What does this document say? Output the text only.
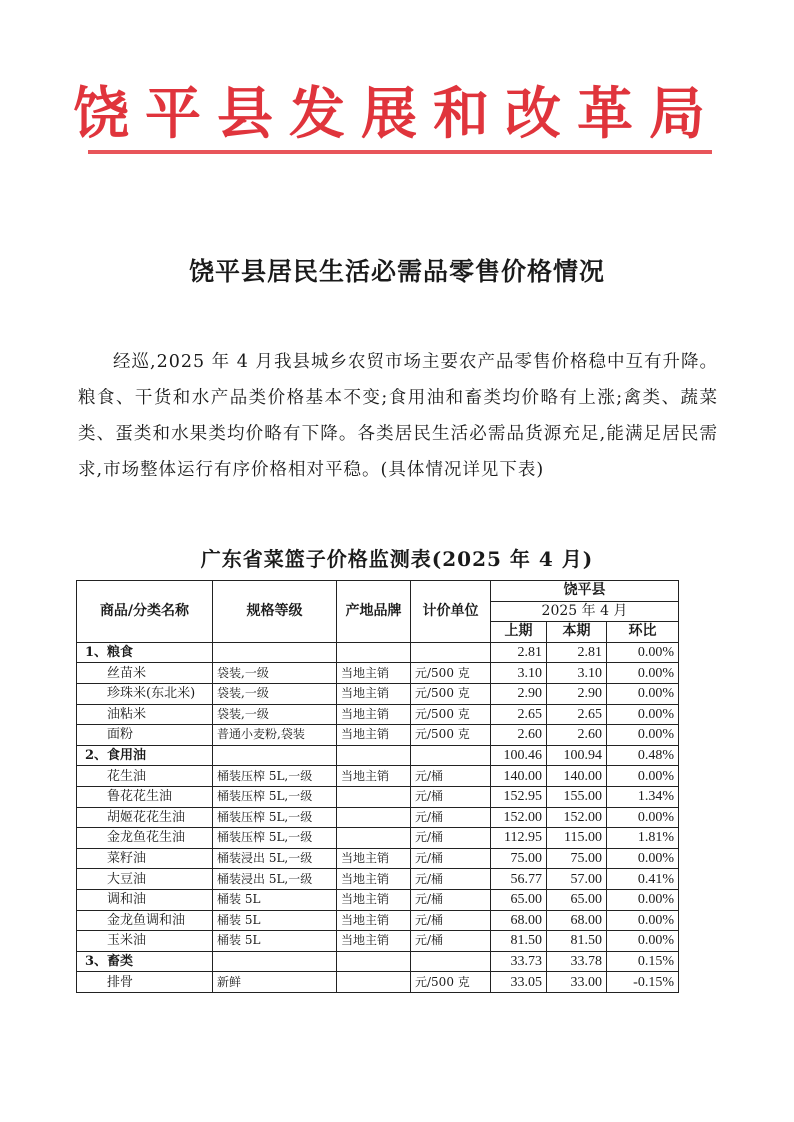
饶平县发展和改革局
饶平县居民生活必需品零售价格情况
经巡,2025 年 4 月我县城乡农贸市场主要农产品零售价格稳中互有升降。粮食、干货和水产品类价格基本不变;食用油和畜类均价略有上涨;禽类、蔬菜类、蛋类和水果类均价略有下降。各类居民生活必需品货源充足,能满足居民需求,市场整体运行有序价格相对平稳。(具体情况详见下表)
广东省菜篮子价格监测表(2025 年 4 月)
商品/分类名称	规格等级	产地品牌	计价单位	饶平县		
				2025 年 4 月		
				上期	本期	环比
1、粮食				2.81	2.81	0.00%
丝苗米	袋装,一级	当地主销	元/500 克	3.10	3.10	0.00%
珍珠米(东北米)	袋装,一级	当地主销	元/500 克	2.90	2.90	0.00%
油粘米	袋装,一级	当地主销	元/500 克	2.65	2.65	0.00%
面粉	普通小麦粉,袋装	当地主销	元/500 克	2.60	2.60	0.00%
2、食用油				100.46	100.94	0.48%
花生油	桶装压榨 5L,一级	当地主销	元/桶	140.00	140.00	0.00%
鲁花花生油	桶装压榨 5L,一级		元/桶	152.95	155.00	1.34%
胡姬花花生油	桶装压榨 5L,一级		元/桶	152.00	152.00	0.00%
金龙鱼花生油	桶装压榨 5L,一级		元/桶	112.95	115.00	1.81%
菜籽油	桶装浸出 5L,一级	当地主销	元/桶	75.00	75.00	0.00%
大豆油	桶装浸出 5L,一级	当地主销	元/桶	56.77	57.00	0.41%
调和油	桶装 5L	当地主销	元/桶	65.00	65.00	0.00%
金龙鱼调和油	桶装 5L	当地主销	元/桶	68.00	68.00	0.00%
玉米油	桶装 5L	当地主销	元/桶	81.50	81.50	0.00%
3、畜类				33.73	33.78	0.15%
排骨	新鲜		元/500 克	33.05	33.00	-0.15%
